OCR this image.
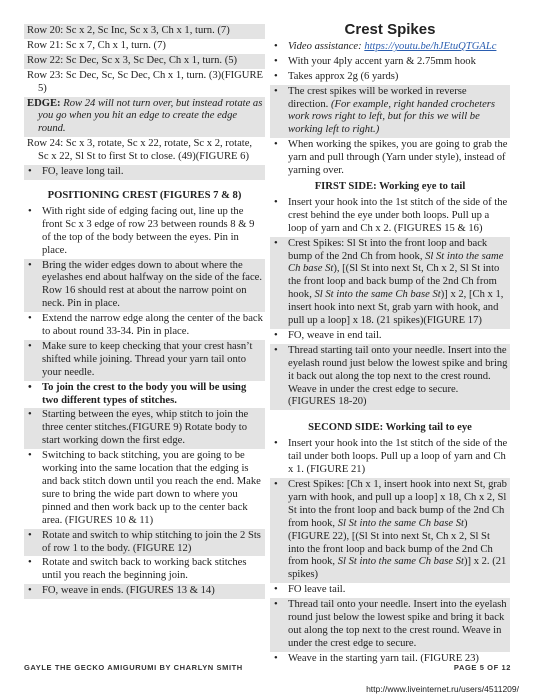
Row 20: Sc x 2, Sc Inc, Sc x 3, Ch x 1, turn. (7)

Row 21: Sc x 7, Ch x 1, turn. (7)

Row 22: Sc Dec, Sc x 3, Sc Dec, Ch x 1, turn. (5)

Row 23: Sc Dec, Sc, Sc Dec, Ch x 1, turn. (3)(FIGURE 5)

EDGE: Row 24 will not turn over, but instead rotate as you go when you hit an edge to create the edge round.

Row 24: Sc x 3, rotate, Sc x 22, rotate, Sc x 2, rotate, Sc x 22, Sl St to first St to close. (49)(FIGURE 6)

• FO, leave long tail.

POSITIONING CREST (FIGURES 7 & 8)

• With right side of edging facing out, line up the front Sc x 3 edge of row 23 between rounds 8 & 9 of the top of the body between the eyes. Pin in place.

• Bring the wider edges down to about where the eyelashes end about halfway on the side of the face. Row 16 should rest at about the narrow point on neck. Pin in place.

• Extend the narrow edge along the center of the back to about round 33-34. Pin in place.

• Make sure to keep checking that your crest hasn’t shifted while joining. Thread your yarn tail onto your needle.

• To join the crest to the body you will be using two different types of stitches.

• Starting between the eyes, whip stitch to join the three center stitches.(FIGURE 9) Rotate body to start working down the first edge.

• Switching to back stitching, you are going to be working into the same location that the edging is and back stitch down until you reach the end. Make sure to bring the wide part down to where you pinned and then work back up to the center back area. (FIGURES 10 & 11)

• Rotate and switch to whip stitching to join the 2 Sts of row 1 to the body. (FIGURE 12)

• Rotate and switch back to working back stitches until you reach the beginning join.

• FO, weave in ends. (FIGURES 13 & 14)

Crest Spikes

• Video assistance: https://youtu.be/hJEtuQTGALc

• With your 4ply accent yarn & 2.75mm hook

• Takes approx 2g (6 yards)

• The crest spikes will be worked in reverse direction. (For example, right handed crocheters work rows right to left, but for this we will be working left to right.)

• When working the spikes, you are going to grab the yarn and pull through (Yarn under style), instead of yarning over.

FIRST SIDE: Working eye to tail

• Insert your hook into the 1st stitch of the side of the crest behind the eye under both loops. Pull up a loop of yarn and Ch x 2. (FIGURES 15 & 16)

• Crest Spikes: Sl St into the front loop and back bump of the 2nd Ch from hook, Sl St into the same Ch base St), [(Sl St into next St, Ch x 2, Sl St into the front loop and back bump of the 2nd Ch from hook, Sl St into the same Ch base St)] x 2, [Ch x 1, insert hook into next St, grab yarn with hook, and pull up a loop] x 18. (21 spikes)(FIGURE 17)

• FO, weave in end tail.

• Thread starting tail onto your needle. Insert into the eyelash round just below the lowest spike and bring it back out along the top next to the crest round. Weave in under the crest edge to secure. (FIGURES 18-20)

SECOND SIDE: Working tail to eye

• Insert your hook into the 1st stitch of the side of the tail under both loops. Pull up a loop of yarn and Ch x 1. (FIGURE 21)

• Crest Spikes: [Ch x 1, insert hook into next St, grab yarn with hook, and pull up a loop] x 18, Ch x 2, Sl St into the front loop and back bump of the 2nd Ch from hook, Sl St into the same Ch base St) (FIGURE 22), [(Sl St into next St, Ch x 2, Sl St into the front loop and back bump of the 2nd Ch from hook, Sl St into the same Ch base St)] x 2. (21 spikes)

• FO leave tail.

• Thread tail onto your needle. Insert into the eyelash round just below the lowest spike and bring it back out along the top next to the crest round. Weave in under the crest edge to secure.

• Weave in the starting yarn tail. (FIGURE 23)

GAYLE THE GECKO AMIGURUMI BY CHARLYN SMITH	PAGE 5 OF 12
http://www.liveinternet.ru/users/4511209/
